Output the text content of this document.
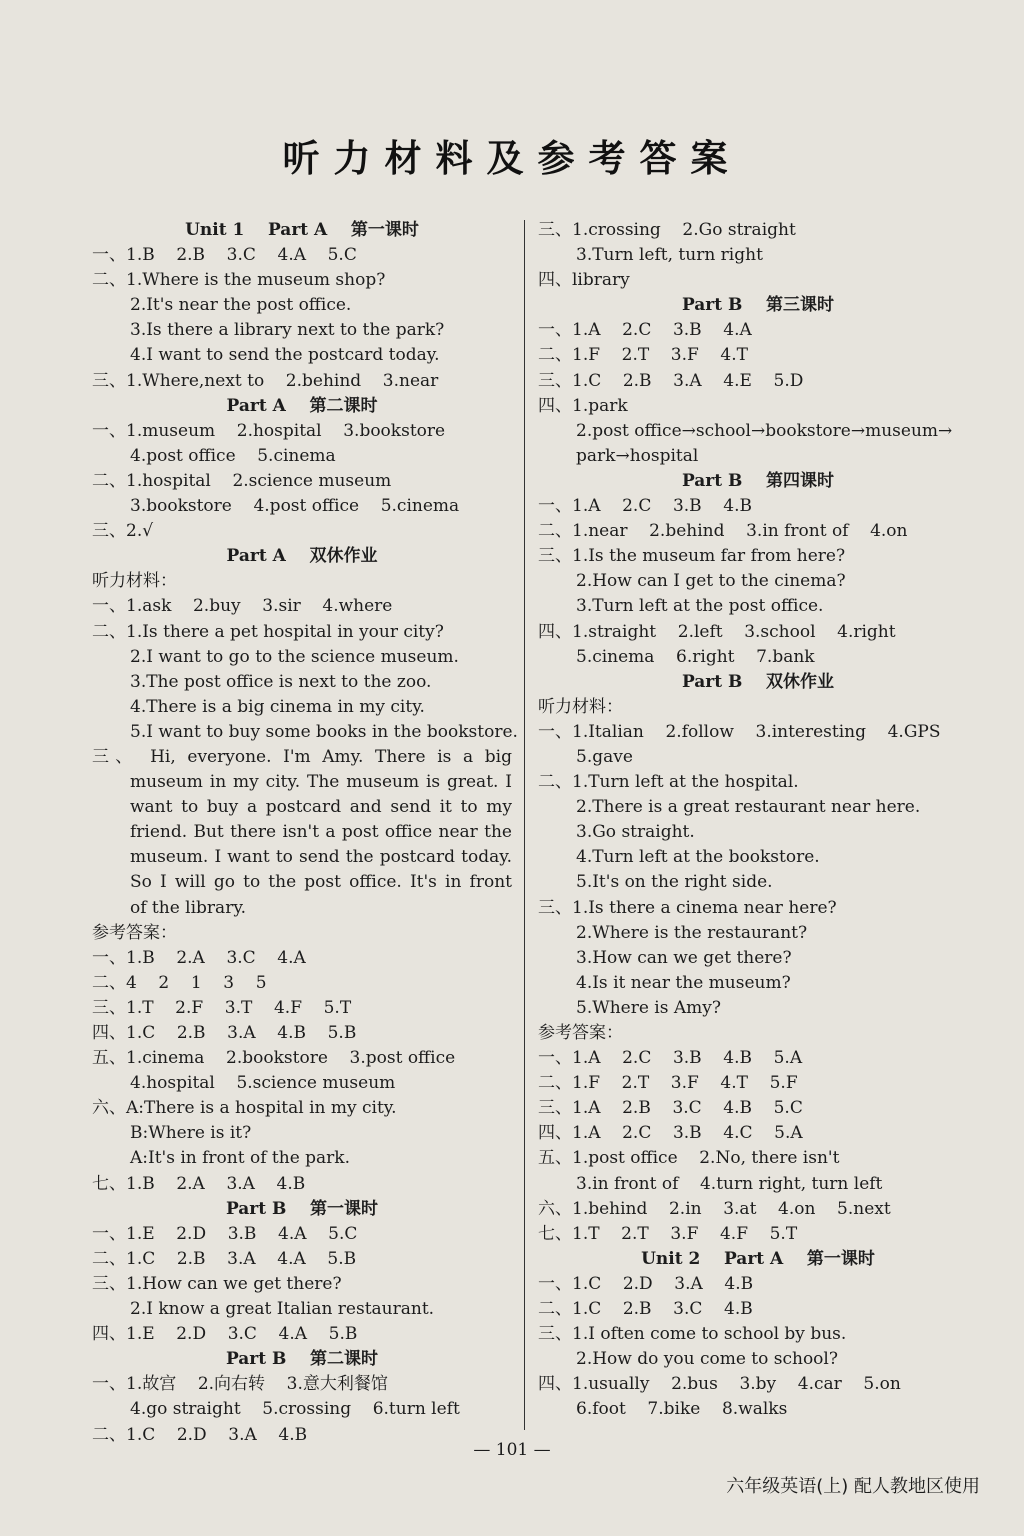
听力材料及参考答案
Unit 1    Part A    第一课时
一、1.B    2.B    3.C    4.A    5.C
二、1.Where is the museum shop?
2.It's near the post office.
3.Is there a library next to the park?
4.I want to send the postcard today.
三、1.Where,next to    2.behind    3.near
Part A    第二课时
一、1.museum    2.hospital    3.bookstore
4.post office    5.cinema
二、1.hospital    2.science museum
3.bookstore    4.post office    5.cinema
三、2.√
Part A    双休作业
听力材料：
一、1.ask    2.buy    3.sir    4.where
二、1.Is there a pet hospital in your city?
2.I want to go to the science museum.
3.The post office is next to the zoo.
4.There is a big cinema in my city.
5.I want to buy some books in the bookstore.
三、 Hi, everyone. I'm Amy. There is a big
museum in my city. The museum is great. I
want to buy a postcard and send it to my
friend. But there isn't a post office near the
museum. I want to send the postcard today.
So I will go to the post office. It's in front
of the library.
参考答案：
一、1.B    2.A    3.C    4.A
二、4    2    1    3    5
三、1.T    2.F    3.T    4.F    5.T
四、1.C    2.B    3.A    4.B    5.B
五、1.cinema    2.bookstore    3.post office
4.hospital    5.science museum
六、A:There is a hospital in my city.
B:Where is it?
A:It's in front of the park.
七、1.B    2.A    3.A    4.B
Part B    第一课时
一、1.E    2.D    3.B    4.A    5.C
二、1.C    2.B    3.A    4.A    5.B
三、1.How can we get there?
2.I know a great Italian restaurant.
四、1.E    2.D    3.C    4.A    5.B
Part B    第二课时
一、1.故宫    2.向右转    3.意大利餐馆
4.go straight    5.crossing    6.turn left
二、1.C    2.D    3.A    4.B
三、1.crossing    2.Go straight
3.Turn left, turn right
四、library
Part B    第三课时
一、1.A    2.C    3.B    4.A
二、1.F    2.T    3.F    4.T
三、1.C    2.B    3.A    4.E    5.D
四、1.park
2.post office→school→bookstore→museum→
park→hospital
Part B    第四课时
一、1.A    2.C    3.B    4.B
二、1.near    2.behind    3.in front of    4.on
三、1.Is the museum far from here?
2.How can I get to the cinema?
3.Turn left at the post office.
四、1.straight    2.left    3.school    4.right
5.cinema    6.right    7.bank
Part B    双休作业
听力材料：
一、1.Italian    2.follow    3.interesting    4.GPS
5.gave
二、1.Turn left at the hospital.
2.There is a great restaurant near here.
3.Go straight.
4.Turn left at the bookstore.
5.It's on the right side.
三、1.Is there a cinema near here?
2.Where is the restaurant?
3.How can we get there?
4.Is it near the museum?
5.Where is Amy?
参考答案：
一、1.A    2.C    3.B    4.B    5.A
二、1.F    2.T    3.F    4.T    5.F
三、1.A    2.B    3.C    4.B    5.C
四、1.A    2.C    3.B    4.C    5.A
五、1.post office    2.No, there isn't
3.in front of    4.turn right, turn left
六、1.behind    2.in    3.at    4.on    5.next
七、1.T    2.T    3.F    4.F    5.T
Unit 2    Part A    第一课时
一、1.C    2.D    3.A    4.B
二、1.C    2.B    3.C    4.B
三、1.I often come to school by bus.
2.How do you come to school?
四、1.usually    2.bus    3.by    4.car    5.on
6.foot    7.bike    8.walks
— 101 —
六年级英语(上) 配人教地区使用
